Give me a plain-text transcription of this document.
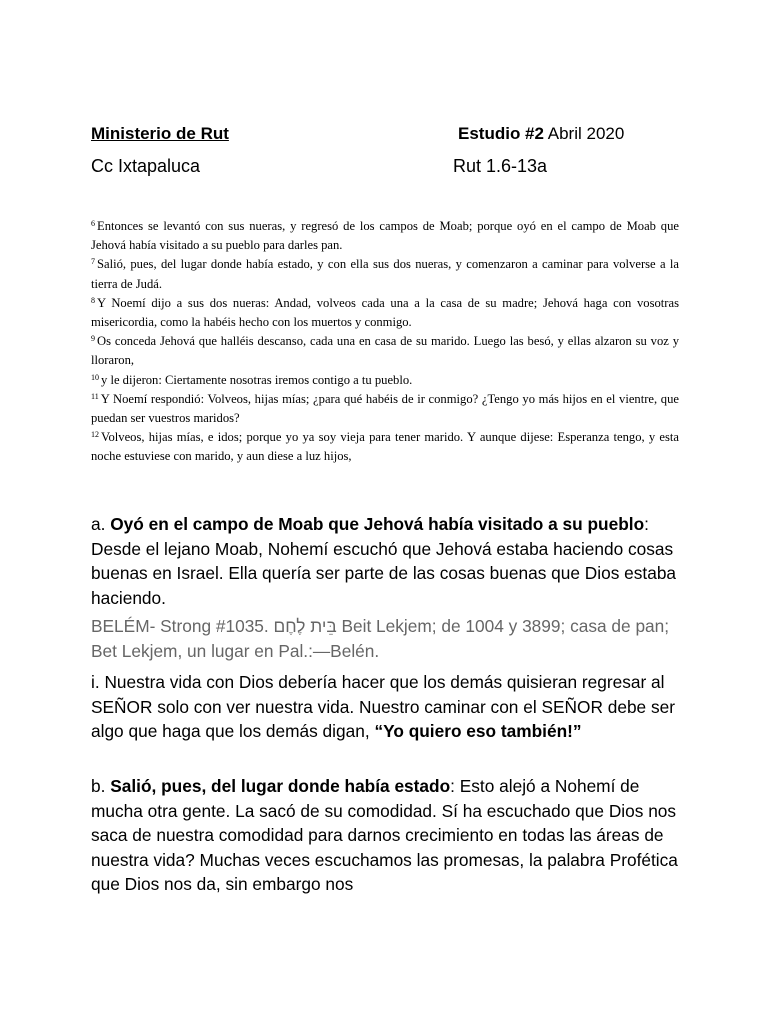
Ministerio de Rut	Estudio #2 Abril 2020
Cc Ixtapaluca	Rut 1.6-13a

$^6$ Entonces se levantó con sus nueras, y regresó de los campos de Moab; porque oyó en el campo de Moab que Jehová había visitado a su pueblo para darles pan.

$^7$ Salió, pues, del lugar donde había estado, y con ella sus dos nueras, y comenzaron a caminar para volverse a la tierra de Judá.

$^8$ Y Noemí dijo a sus dos nueras: Andad, volveos cada una a la casa de su madre; Jehová haga con vosotras misericordia, como la habéis hecho con los muertos y conmigo.

$^9$ Os conceda Jehová que halléis descanso, cada una en casa de su marido. Luego las besó, y ellas alzaron su voz y lloraron,

$^{10}$ y le dijeron: Ciertamente nosotras iremos contigo a tu pueblo.

$^{11}$ Y Noemí respondió: Volveos, hijas mías; ¿para qué habéis de ir conmigo? ¿Tengo yo más hijos en el vientre, que puedan ser vuestros maridos?

$^{12}$ Volveos, hijas mías, e idos; porque yo ya soy vieja para tener marido. Y aunque dijese: Esperanza tengo, y esta noche estuviese con marido, y aun diese a luz hijos,

a. Oyó en el campo de Moab que Jehová había visitado a su pueblo: Desde el lejano Moab, Nohemí escuchó que Jehová estaba haciendo cosas buenas en Israel. Ella quería ser parte de las cosas buenas que Dios estaba haciendo.

BELÉM- Strong #1035. בֵּית לֶחֶם Beit Lekjem; de 1004 y 3899; casa de pan; Bet Lekjem, un lugar en Pal.:—Belén.

i. Nuestra vida con Dios debería hacer que los demás quisieran regresar al SEÑOR solo con ver nuestra vida. Nuestro caminar con el SEÑOR debe ser algo que haga que los demás digan, “Yo quiero eso también!”

b. Salió, pues, del lugar donde había estado: Esto alejó a Nohemí de mucha otra gente. La sacó de su comodidad. Sí ha escuchado que Dios nos saca de nuestra comodidad para darnos crecimiento en todas las áreas de nuestra vida? Muchas veces escuchamos las promesas, la palabra Profética que Dios nos da, sin embargo nos
